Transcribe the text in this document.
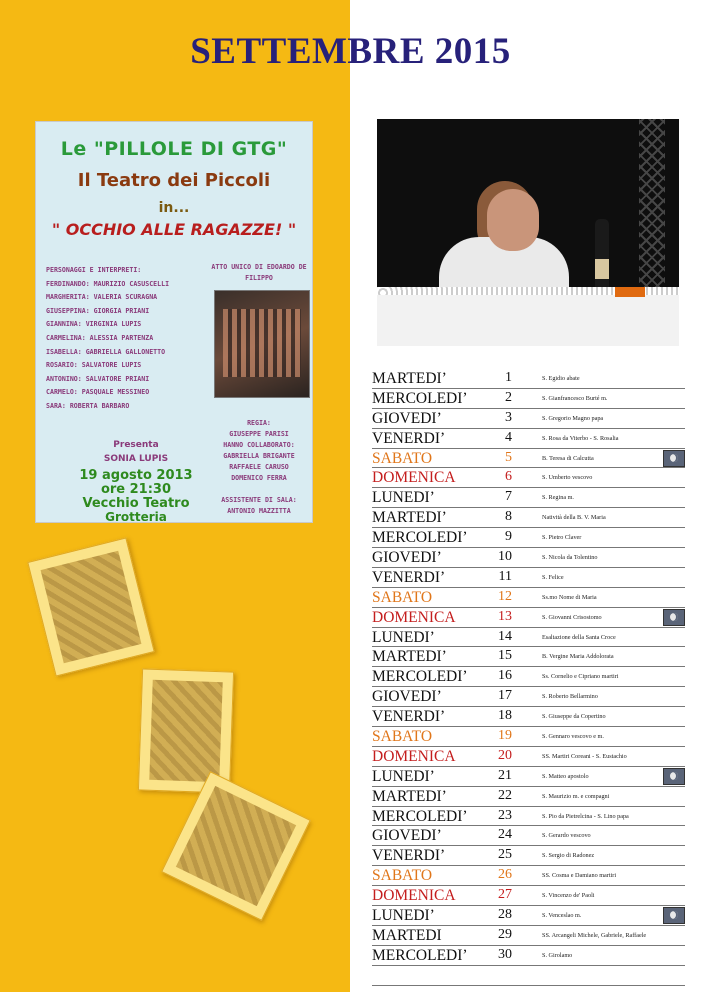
SETTEMBRE 2015
Le "PILLOLE DI GTG"
Il Teatro dei Piccoli
in...
" OCCHIO ALLE RAGAZZE! "
PERSONAGGI E INTERPRETI:
FERDINANDO: MAURIZIO CASUSCELLI
MARGHERITA: VALERIA SCURAGNA
GIUSEPPINA: GIORGIA PRIANI
GIANNINA: VIRGINIA LUPIS
CARMELINA: ALESSIA PARTENZA
ISABELLA: GABRIELLA GALLONETTO
ROSARIO: SALVATORE LUPIS
ANTONINO: SALVATORE PRIANI
CARMELO: PASQUALE MESSINEO
SARA: ROBERTA BARBARO
ATTO UNICO DI EDOARDO DE FILIPPO
REGIA:
GIUSEPPE PARISI
HANNO COLLABORATO:
GABRIELLA BRIGANTE
RAFFAELE CARUSO
DOMENICO FERRA

ASSISTENTE DI SALA:
ANTONIO MAZZITTA
Presenta
SONIA LUPIS
19 agosto 2013
ore 21:30
Vecchio Teatro
Grotteria
MARTEDI’	1	S. Egidio abate
MERCOLEDI’	2	S. Gianfrancesco Burté m.
GIOVEDI’	3	S. Gregorio Magno papa
VENERDI’	4	S. Rosa da Viterbo - S. Rosalia
SABATO	5	B. Teresa di Calcutta
DOMENICA	6	S. Umberto vescovo
LUNEDI’	7	S. Regina m.
MARTEDI’	8	Natività della B. V. Maria
MERCOLEDI’	9	S. Pietro Claver
GIOVEDI’	10	S. Nicola da Tolentino
VENERDI’	11	S. Felice
SABATO	12	Ss.mo Nome di Maria
DOMENICA	13	S. Giovanni Crisostomo
LUNEDI’	14	Esaltazione della Santa Croce
MARTEDI’	15	B. Vergine Maria Addolorata
MERCOLEDI’	16	Ss. Cornelio e Cipriano martiri
GIOVEDI’	17	S. Roberto Bellarmino
VENERDI’	18	S. Giuseppe da Copertino
SABATO	19	S. Gennaro vescovo e m.
DOMENICA	20	SS. Martiri Coreani - S. Eustachio
LUNEDI’	21	S. Matteo apostolo
MARTEDI’	22	S. Maurizio m. e compagni
MERCOLEDI’	23	S. Pio da Pietrelcina - S. Lino papa
GIOVEDI’	24	S. Gerardo vescovo
VENERDI’	25	S. Sergio di Radonez
SABATO	26	SS. Cosma e Damiano martiri
DOMENICA	27	S. Vincenzo de' Paoli
LUNEDI’	28	S. Venceslao m.
MARTEDI	29	SS. Arcangeli Michele, Gabriele, Raffaele
MERCOLEDI’	30	S. Girolamo
